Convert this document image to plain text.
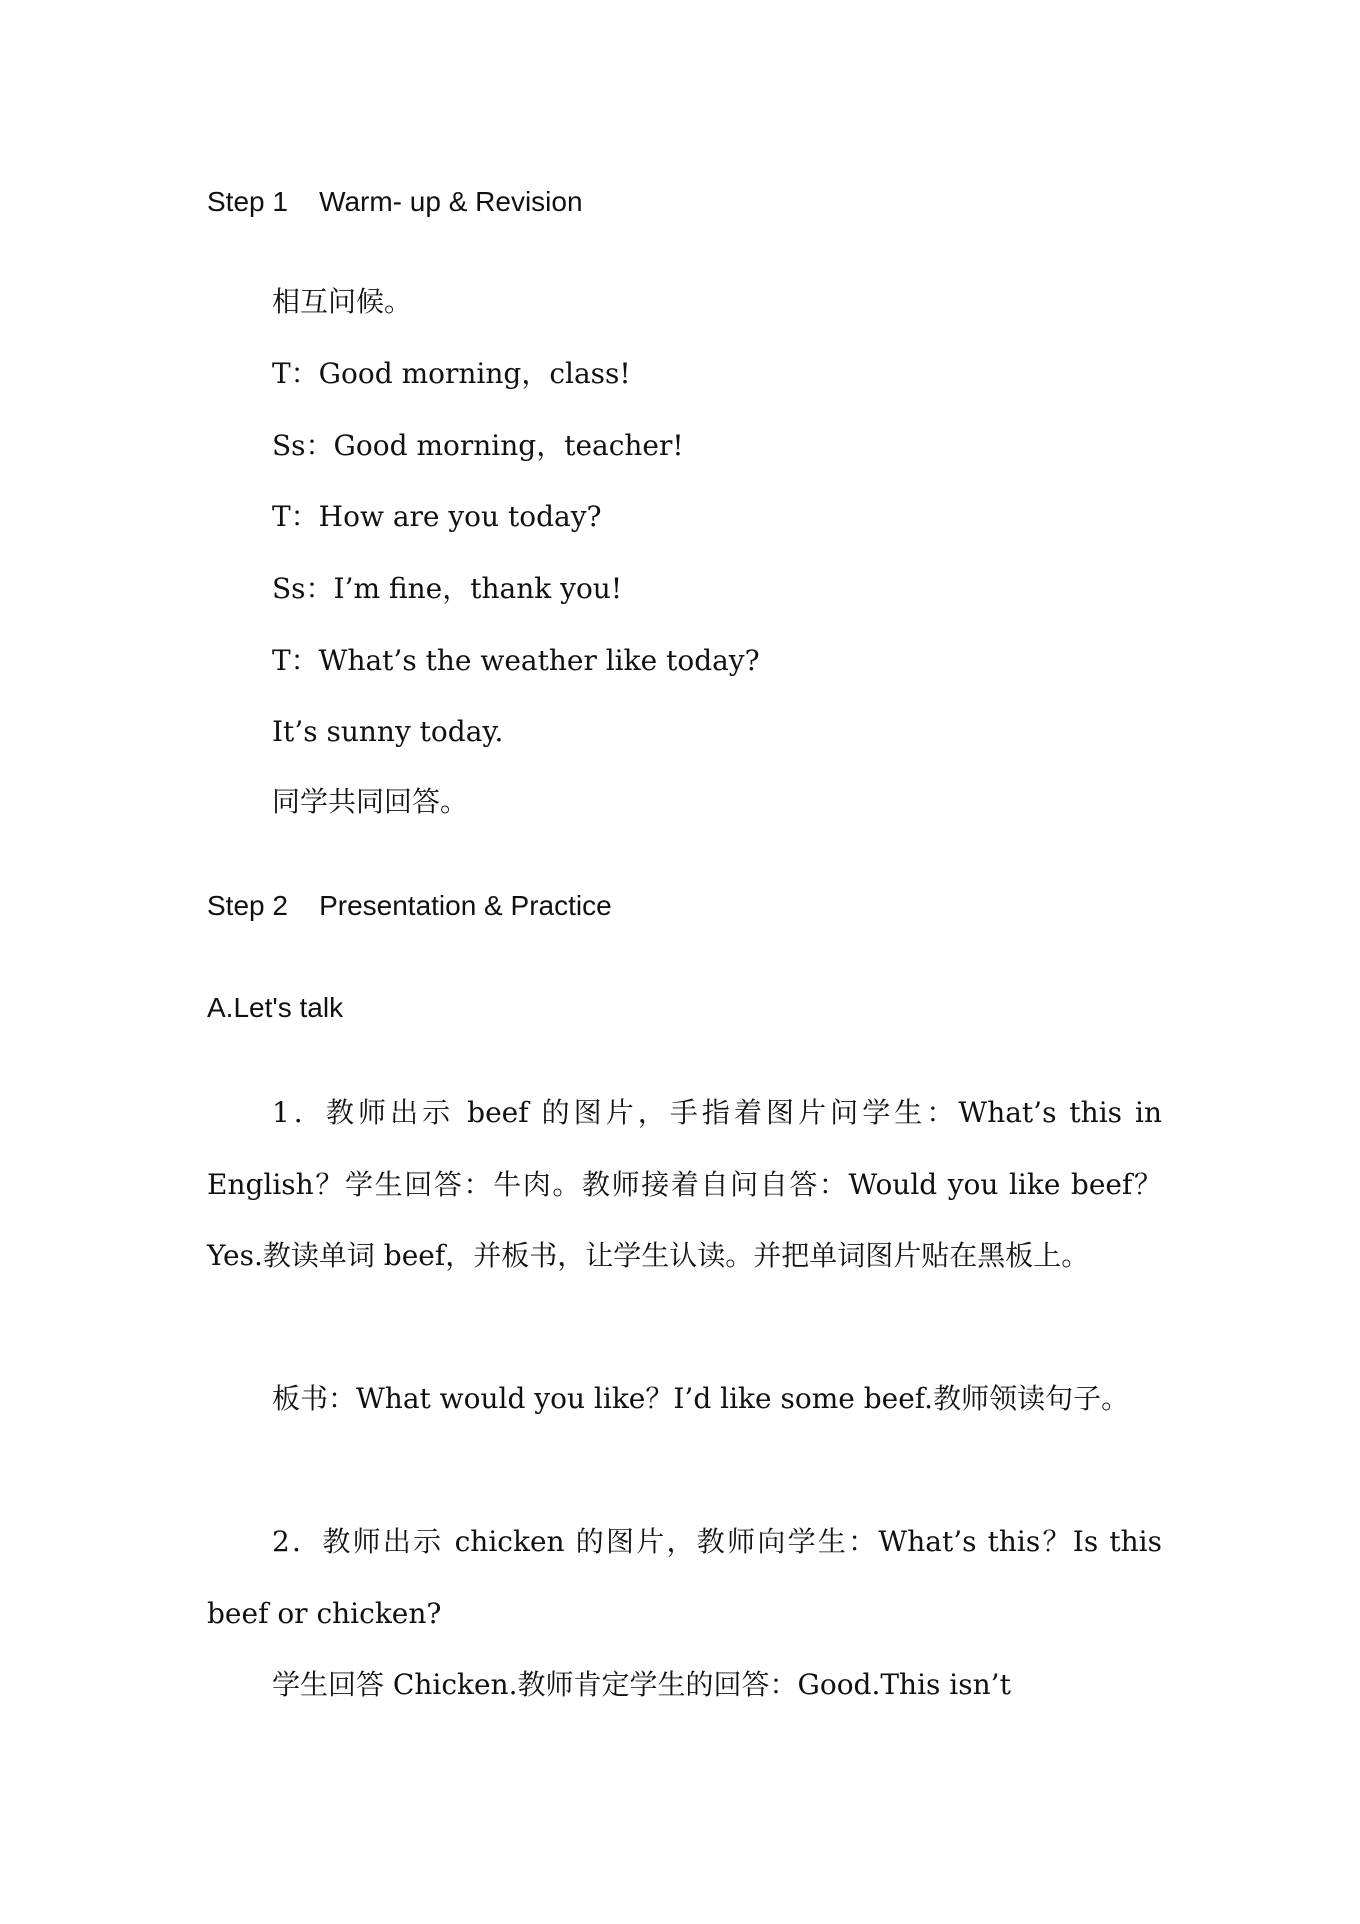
Step 1    Warm- up & Revision
相互问候。
T：Good morning，class!
Ss：Good morning，teacher!
T：How are you today?
Ss：I’m fine，thank you!
T：What’s the weather like today?
It’s sunny today.
同学共同回答。
Step 2    Presentation & Practice
A.Let's talk

1．教师出示 beef 的图片，手指着图片问学生：What’s this in English？学生回答：牛肉。教师接着自问自答：Would you like beef？Yes.教读单词 beef，并板书，让学生认读。并把单词图片贴在黑板上。

板书：What would you like？I’d like some beef.教师领读句子。

2．教师出示 chicken 的图片，教师向学生：What’s this？Is this beef or chicken?

学生回答 Chicken.教师肯定学生的回答：Good.This isn’t
